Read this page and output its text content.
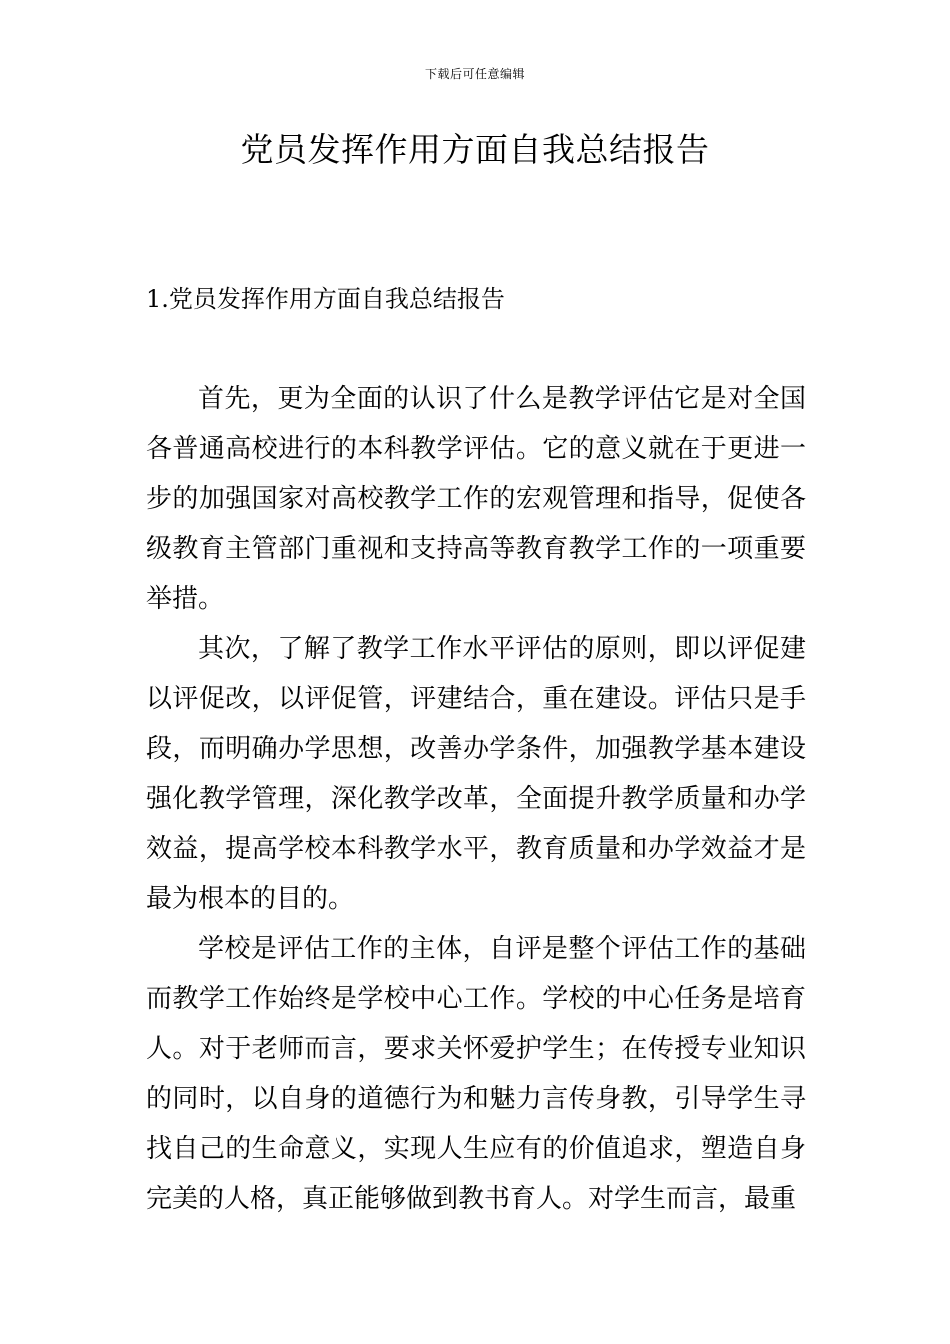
下载后可任意编辑
党员发挥作用方面自我总结报告
1.党员发挥作用方面自我总结报告

首先，更为全面的认识了什么是教学评估它是对全国各普通高校进行的本科教学评估。它的意义就在于更进一步的加强国家对高校教学工作的宏观管理和指导，促使各级教育主管部门重视和支持高等教育教学工作的一项重要举措。

其次，了解了教学工作水平评估的原则，即以评促建以评促改，以评促管，评建结合，重在建设。评估只是手段，而明确办学思想，改善办学条件，加强教学基本建设强化教学管理，深化教学改革，全面提升教学质量和办学效益，提高学校本科教学水平，教育质量和办学效益才是最为根本的目的。

学校是评估工作的主体，自评是整个评估工作的基础而教学工作始终是学校中心工作。学校的中心任务是培育人。对于老师而言，要求关怀爱护学生；在传授专业知识的同时，以自身的道德行为和魅力言传身教，引导学生寻找自己的生命意义，实现人生应有的价值追求，塑造自身完美的人格，真正能够做到教书育人。对学生而言，最重
